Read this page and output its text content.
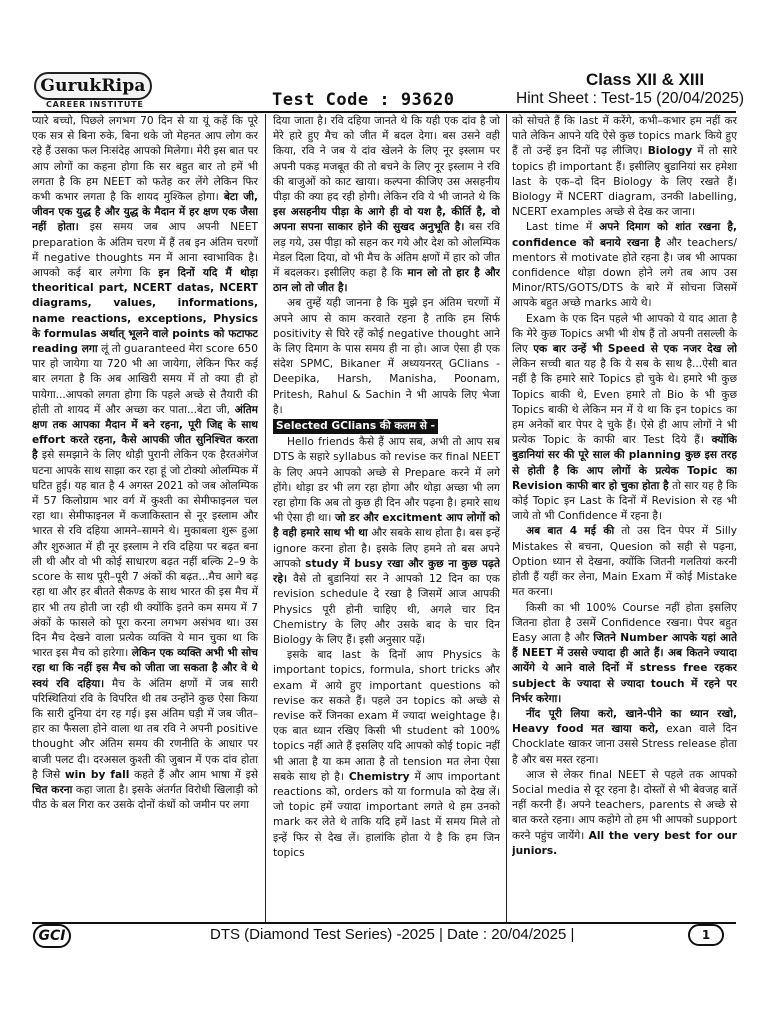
GurukRipa
CAREER INSTITUTE	Test Code : 93620
Class XII & XIII
Hint Sheet : Test-15 (20/04/2025)

प्यारे बच्चो, पिछले लगभग 70 दिन से या यूं कहें कि पूरे एक सत्र से बिना रुके, बिना थके जो मेहनत आप लोग कर रहे हैं उसका फल निःसंदेह आपको मिलेगा। मेरी इस बात पर आप लोगों का कहना होगा कि सर बहुत बार तो हमें भी लगता है कि हम NEET को फतेह कर लेंगे लेकिन फिर कभी कभार लगता है कि शायद मुश्किल होगा। बेटा जी, जीवन एक युद्ध है और युद्ध के मैदान में हर क्षण एक जैसा नहीं होता। इस समय जब आप अपनी NEET preparation के अंतिम चरण में हैं तब इन अंतिम चरणों में negative thoughts मन में आना स्वाभाविक है। आपको कई बार लगेगा कि इन दिनों यदि मैं थोड़ा theoritical part, NCERT datas, NCERT diagrams, values, informations, name reactions, exceptions, Physics के formulas अर्थात् भूलने वाले points को फटाफट reading लगा लूं तो guaranteed मेरा score 650 पार हो जायेगा या 720 भी आ जायेगा, लेकिन फिर कई बार लगता है कि अब आखिरी समय में तो क्या ही हो पायेगा...आपको लगता होगा कि पहले अच्छे से तैयारी की होती तो शायद में और अच्छा कर पाता...बेटा जी, अंतिम क्षण तक आपका मैदान में बने रहना, पूरी जिद्द के साथ effort करते रहना, कैसे आपकी जीत सुनिश्चित करता है इसे समझाने के लिए थोड़ी पुरानी लेकिन एक हैरतअंगेज घटना आपके साथ साझा कर रहा हूं जो टोक्यो ओलम्पिक में घटित हुई। यह बात है 4 अगस्त 2021 को जब ओलम्पिक में 57 किलोग्राम भार वर्ग में कुश्ती का सेमीफाइनल चल रहा था। सेमीफाइनल में कजाकिस्तान से नूर इस्लाम और भारत से रवि दहिया आमने–सामने थे। मुकाबला शुरू हुआ और शुरुआत में ही नूर इस्लाम ने रवि दहिया पर बढ़त बना ली थी और वो भी कोई साधारण बढ़त नहीं बल्कि 2–9 के score के साथ पूरी–पूरी 7 अंकों की बढ़त...मैच आगे बढ़ रहा था और हर बीतते सैकण्ड के साथ भारत की इस मैच में हार भी तय होती जा रही थी क्योंकि इतने कम समय में 7 अंकों के फासले को पूरा करना लगभग असंभव था। उस दिन मैच देखने वाला प्रत्येक व्यक्ति ये मान चुका था कि भारत इस मैच को हारेगा। लेकिन एक व्यक्ति अभी भी सोच रहा था कि नहीं इस मैच को जीता जा सकता है और वे थे स्वयं रवि दहिया। मैच के अंतिम क्षणों में जब सारी परिस्थितियां रवि के विपरित थी तब उन्होंने कुछ ऐसा किया कि सारी दुनिया दंग रह गई। इस अंतिम घड़ी में जब जीत–हार का फैसला होने वाला था तब रवि ने अपनी positive thought और अंतिम समय की रणनीति के आधार पर बाजी पलट दी। दरअसल कुश्ती की जुबान में एक दांव होता है जिसे win by fall कहते हैं और आम भाषा में इसे चित करना कहा जाता है। इसके अंतर्गत विरोधी खिलाड़ी को पीठ के बल गिरा कर उसके दोनों कंधों को जमीन पर लगा

दिया जाता है। रवि दहिया जानते थे कि यही एक दांव है जो मेरे हारे हुए मैच को जीत में बदल देगा। बस उसने वही किया, रवि ने जब ये दांव खेलने के लिए नूर इस्लाम पर अपनी पकड़ मजबूत की तो बचने के लिए नूर इस्लाम ने रवि की बाजुओं को काट खाया। कल्पना कीजिए उस असहनीय पीड़ा की क्या हद रही होगी। लेकिन रवि ये भी जानते थे कि इस असहनीय पीड़ा के आगे ही वो यश है, कीर्ति है, वो अपना सपना साकार होने की सुखद अनुभूति है। बस रवि लड़ गये, उस पीड़ा को सहन कर गये और देश को ओलम्पिक मेडल दिला दिया, वो भी मैच के अंतिम क्षणों में हार को जीत में बदलकर। इसीलिए कहा है कि मान लो तो हार है और ठान लो तो जीत है।

अब तुम्हें यही जानना है कि मुझे इन अंतिम चरणों में अपने आप से काम करवाते रहना है ताकि हम सिर्फ positivity से घिरे रहें कोई negative thought आने के लिए दिमाग के पास समय ही ना हो। आज ऐसा ही एक संदेश SPMC, Bikaner में अध्ययनरत् GClians - Deepika, Harsh, Manisha, Poonam, Pritesh, Rahul & Sachin ने भी आपके लिए भेजा है।

Selected GClians की कलम से -

Hello friends कैसे हैं आप सब, अभी तो आप सब DTS के सहारे syllabus को revise कर final NEET के लिए अपने आपको अच्छे से Prepare करने में लगे होंगे। थोड़ा डर भी लग रहा होगा और थोड़ा अच्छा भी लग रहा होगा कि अब तो कुछ ही दिन और पढ़ना है। हमारे साथ भी ऐसा ही था। जो डर और excitment आप लोगों को है वही हमारे साथ भी था और सबके साथ होता है। बस इन्हें ignore करना होता है। इसके लिए हमने तो बस अपने आपको study में busy रखा और कुछ ना कुछ पढ़ते रहे। वैसे तो बुडानियां सर ने आपको 12 दिन का एक revision schedule दे रखा है जिसमें आज आपकी Physics पूरी होनी चाहिए थी, अगले चार दिन Chemistry के लिए और उसके बाद के चार दिन Biology के लिए हैं। इसी अनुसार पढ़ें।

इसके बाद last के दिनों आप Physics के important topics, formula, short tricks और exam में आये हुए important questions को revise कर सकते हैं। पहले उन topics को अच्छे से revise करें जिनका exam में ज्यादा weightage है। एक बात ध्यान रखिए किसी भी student को 100% topics नहीं आते हैं इसलिए यदि आपको कोई topic नहीं भी आता है या कम आता है तो tension मत लेना ऐसा सबके साथ हो है। Chemistry में आप important reactions को, orders को या formula को देख लें। जो topic हमें ज्यादा important लगते थे हम उनको mark कर लेते थे ताकि यदि हमें last में समय मिले तो इन्हें फिर से देख लें। हालांकि होता ये है कि हम जिन topics

को सोचते हैं कि last में करेंगे, कभी–कभार हम नहीं कर पाते लेकिन आपने यदि ऐसे कुछ topics mark किये हुए हैं तो उन्हें इन दिनों पढ़ लीजिए। Biology में तो सारे topics ही important हैं। इसीलिए बुडानियां सर हमेशा last के एक–दो दिन Biology के लिए रखते हैं। Biology में NCERT diagram, उनकी labelling, NCERT examples अच्छे से देख कर जाना।

Last time में अपने दिमाग को शांत रखना है, confidence को बनाये रखना है और teachers/ mentors से motivate होते रहना है। जब भी आपका confidence थोड़ा down होने लगे तब आप उस Minor/RTS/GOTS/DTS के बारे में सोचना जिसमें आपके बहुत अच्छे marks आये थे।

Exam के एक दिन पहले भी आपको ये याद आता है कि मेरे कुछ Topics अभी भी शेष हैं तो अपनी तसल्ली के लिए एक बार उन्हें भी Speed से एक नजर देख लो लेकिन सच्ची बात यह है कि ये सब के साथ है...ऐसी बात नहीं है कि हमारे सारे Topics हो चुके थे। हमारे भी कुछ Topics बाकी थे, Even हमारे तो Bio के भी कुछ Topics बाकी थे लेकिन मन में ये था कि इन topics का हम अनेकों बार पेपर दे चुके हैं। ऐसे ही आप लोगों ने भी प्रत्येक Topic के काफी बार Test दिये हैं। क्योंकि बुडानियां सर की पूरे साल की planning कुछ इस तरह से होती है कि आप लोगों के प्रत्येक Topic का Revision काफी बार हो चुका होता है तो सार यह है कि कोई Topic इन Last के दिनों में Revision से रह भी जाये तो भी Confidence में रहना है।

अब बात 4 मई की तो उस दिन पेपर में Silly Mistakes से बचना, Quesion को सही से पढ़ना, Option ध्यान से देखना, क्योंकि जितनी गलतियां करनी होती हैं यहीं कर लेना, Main Exam में कोई Mistake मत करना।

किसी का भी 100% Course नहीं होता इसलिए जितना होता है उसमें Confidence रखना। पेपर बहुत Easy आता है और जितने Number आपके यहां आते हैं NEET में उससे ज्यादा ही आते हैं। अब कितने ज्यादा आयेंगे ये आने वाले दिनों में stress free रहकर subject के ज्यादा से ज्यादा touch में रहने पर निर्भर करेगा।

नींद पूरी लिया करो, खाने-पीने का ध्यान रखो, Heavy food मत खाया करो, exan वाले दिन Chocklate खाकर जाना उससे Stress release होता है और बस मस्त रहना।

आज से लेकर final NEET से पहले तक आपको Social media से दूर रहना है। दोस्तों से भी बेवजह बातें नहीं करनी हैं। अपने teachers, parents से अच्छे से बात करते रहना। आप कहोगे तो हम भी आपको support करने पहुंच जायेंगे। All the very best for our juniors.

GCI	DTS (Diamond Test Series) -2025 | Date : 20/04/2025 |	1
